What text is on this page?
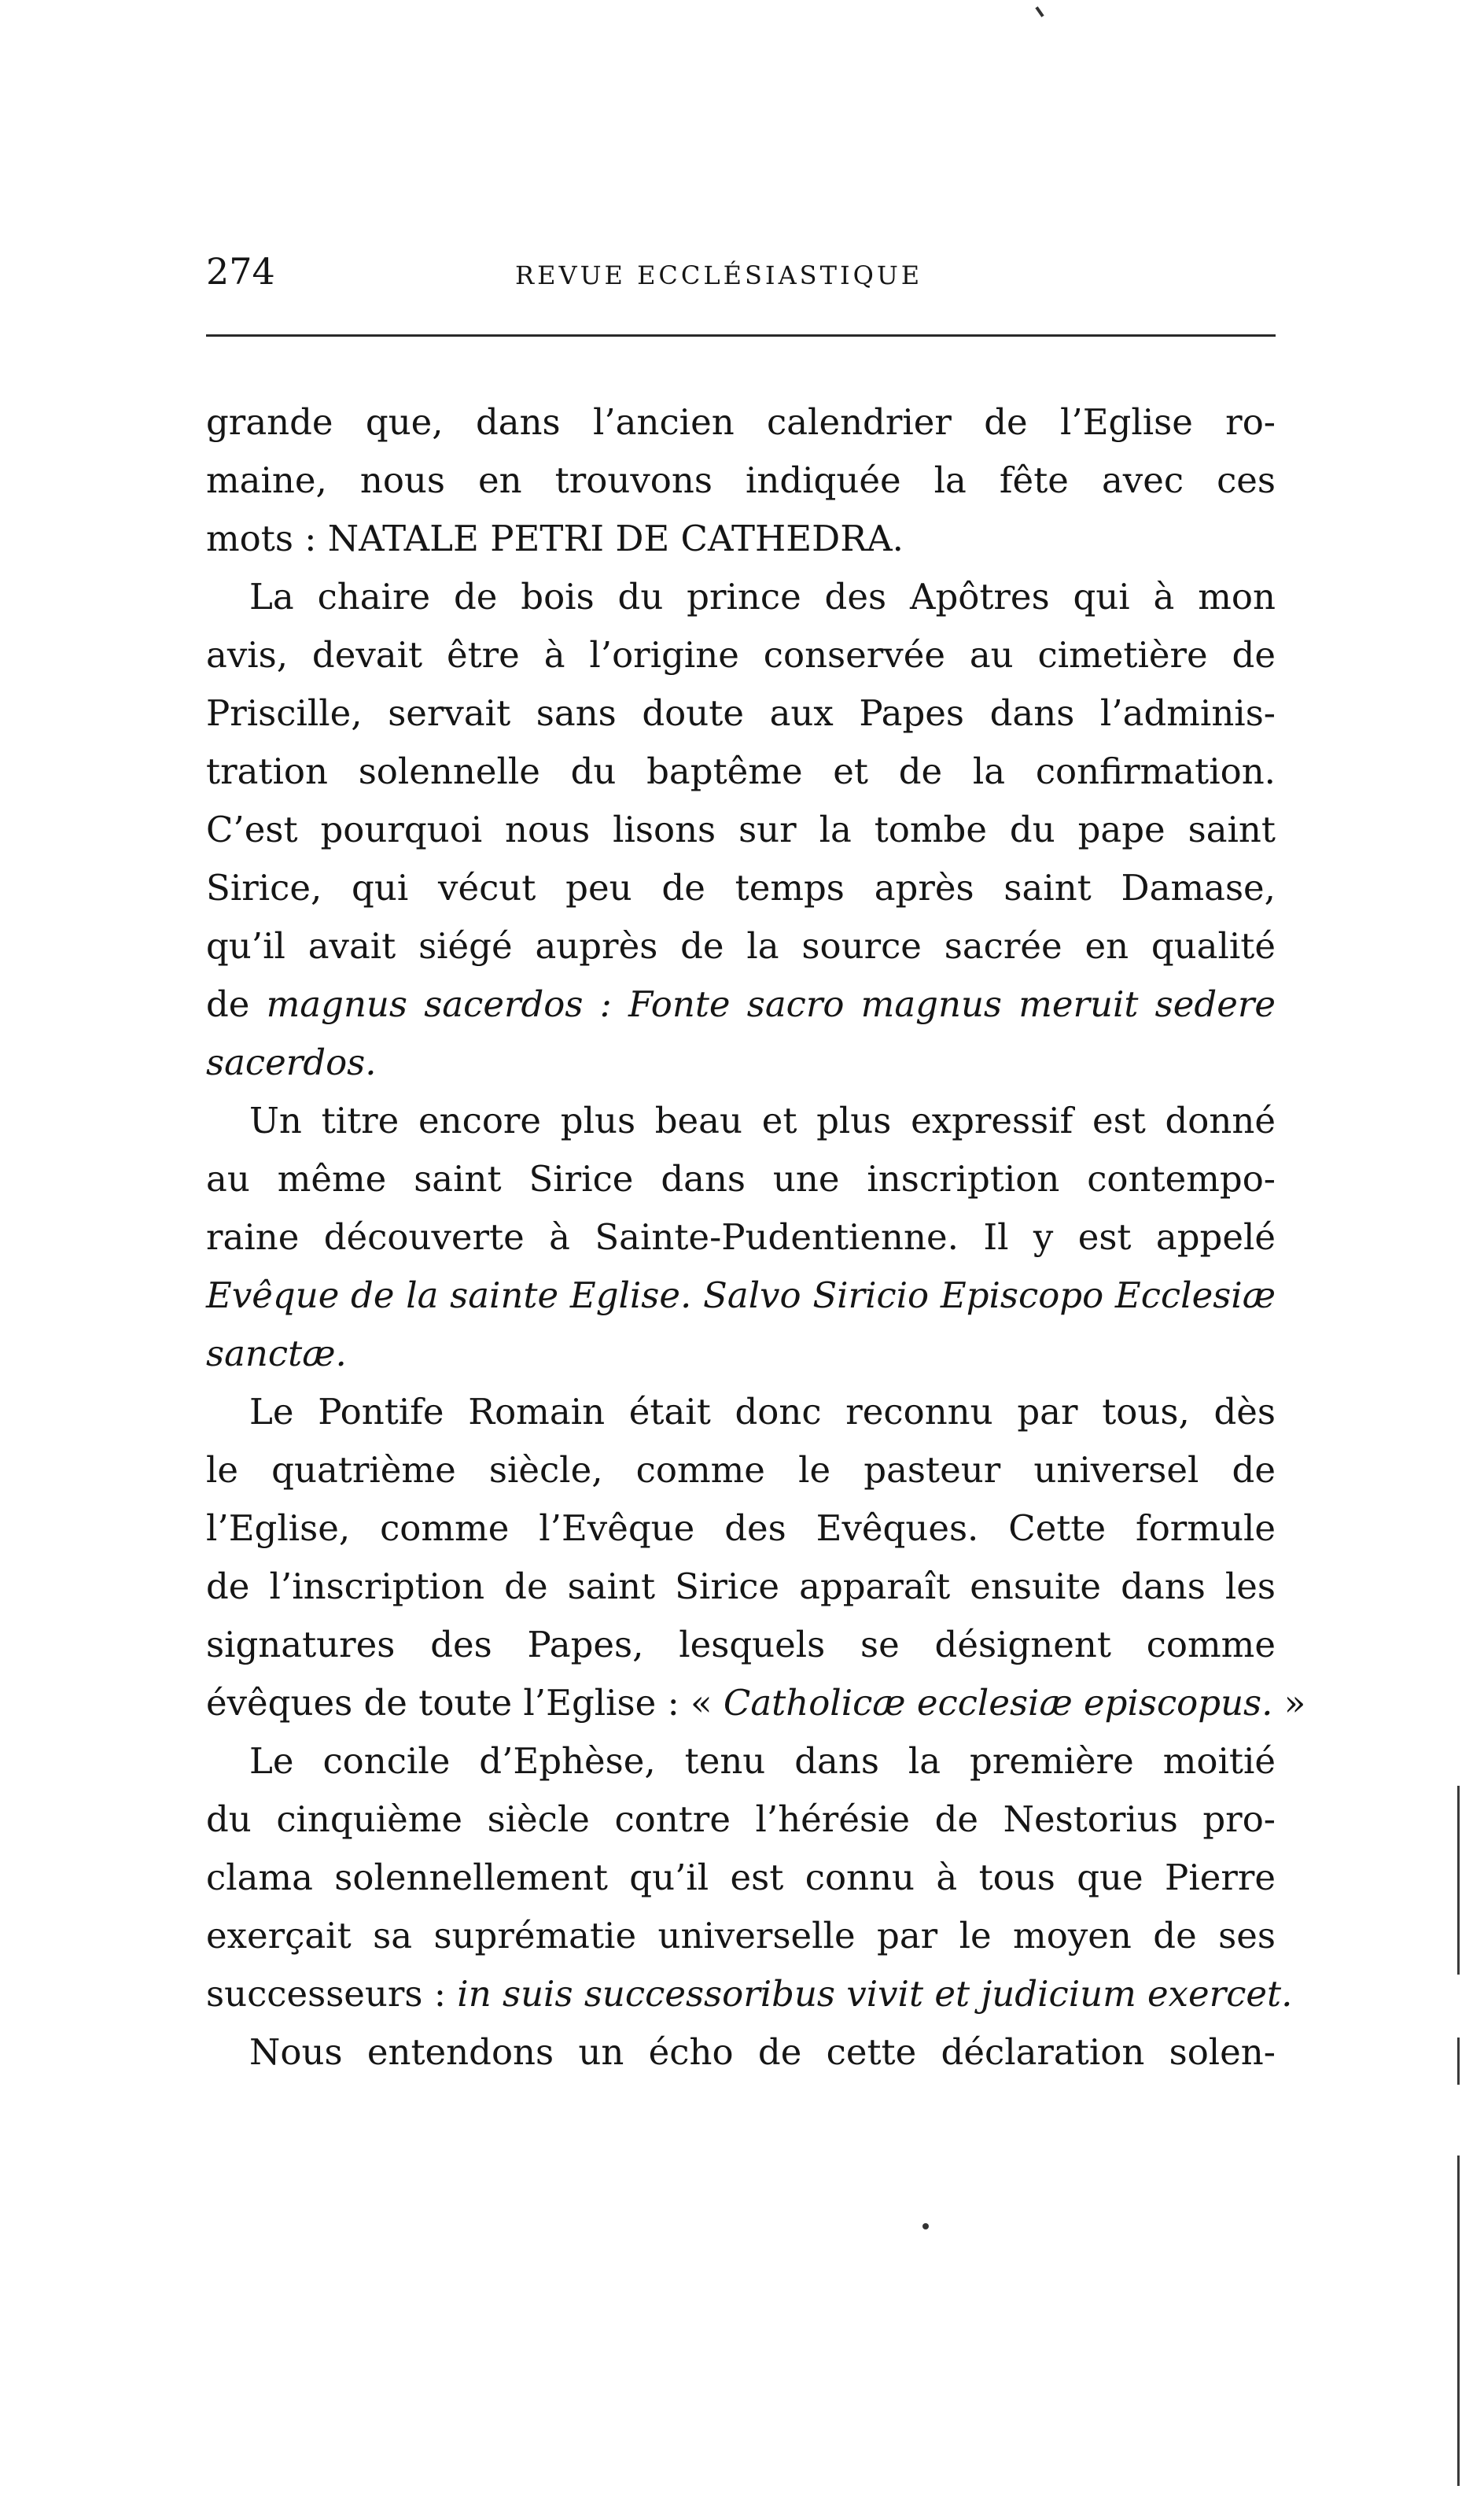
274	REVUE ECCLÉSIASTIQUE
grande que, dans l’ancien calendrier de l’Eglise ro-
maine, nous en trouvons indiquée la fête avec ces
mots : NATALE PETRI DE CATHEDRA.
La chaire de bois du prince des Apôtres qui à mon
avis, devait être à l’origine conservée au cimetière de
Priscille, servait sans doute aux Papes dans l’adminis-
tration solennelle du baptême et de la confirmation.
C’est pourquoi nous lisons sur la tombe du pape saint
Sirice, qui vécut peu de temps après saint Damase,
qu’il avait siégé auprès de la source sacrée en qualité
de magnus sacerdos : Fonte sacro magnus meruit sedere
sacerdos.
Un titre encore plus beau et plus expressif est donné
au même saint Sirice dans une inscription contempo-
raine découverte à Sainte-Pudentienne. Il y est appelé
Evêque de la sainte Eglise. Salvo Siricio Episcopo Ecclesiæ
sanctæ.
Le Pontife Romain était donc reconnu par tous, dès
le quatrième siècle, comme le pasteur universel de
l’Eglise, comme l’Evêque des Evêques. Cette formule
de l’inscription de saint Sirice apparaît ensuite dans les
signatures des Papes, lesquels se désignent comme
évêques de toute l’Eglise : « Catholicæ ecclesiæ episcopus. »
Le concile d’Ephèse, tenu dans la première moitié
du cinquième siècle contre l’hérésie de Nestorius pro-
clama solennellement qu’il est connu à tous que Pierre
exerçait sa suprématie universelle par le moyen de ses
successeurs : in suis successoribus vivit et judicium exercet.
Nous entendons un écho de cette déclaration solen-
